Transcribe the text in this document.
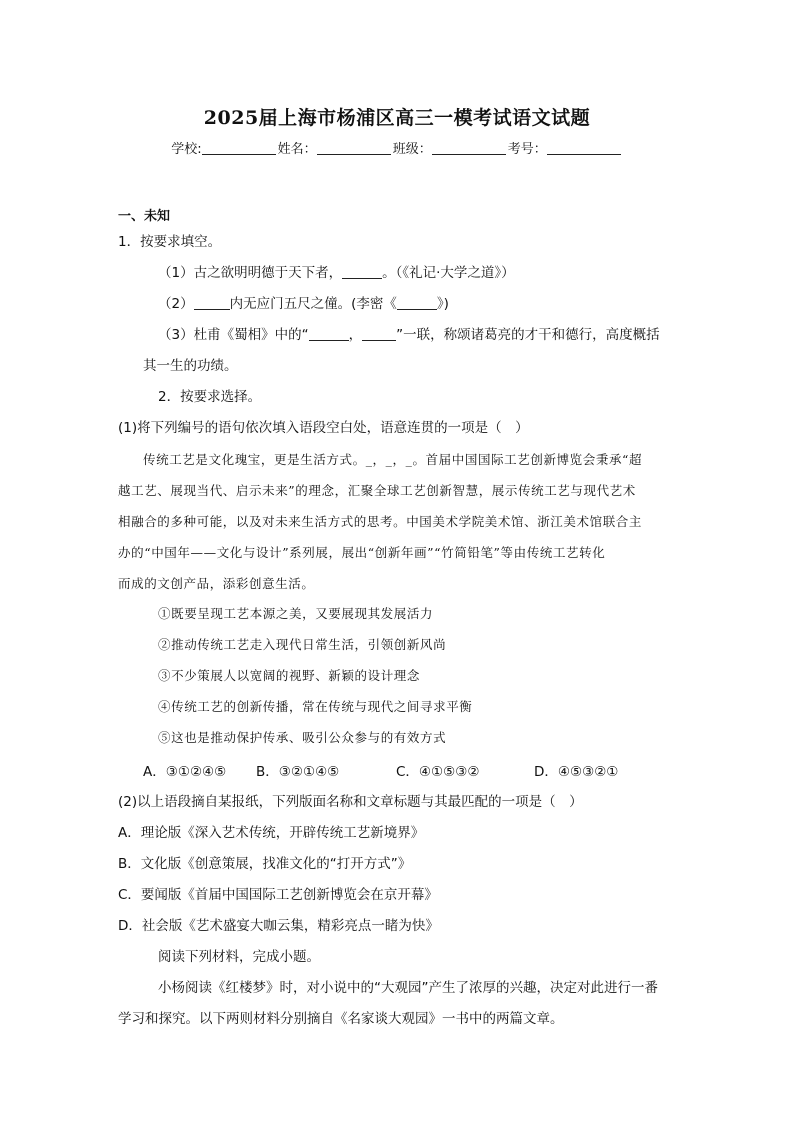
2025届上海市杨浦区高三一模考试语文试题
学校:	姓名：	班级：	考号：
一、未知
1．按要求填空。
（1）古之欲明明德于天下者，	。（《礼记·大学之道》）
（2）	内无应门五尺之僮。(李密《	》)
（3）杜甫《蜀相》中的“	，	”一联，称颂诸葛亮的才干和德行，高度概括
其一生的功绩。
2．按要求选择。
(1)将下列编号的语句依次填入语段空白处，语意连贯的一项是（　）
传统工艺是文化瑰宝，更是生活方式。_，_，_。首届中国国际工艺创新博览会秉承“超
越工艺、展现当代、启示未来”的理念，汇聚全球工艺创新智慧，展示传统工艺与现代艺术
相融合的多种可能，以及对未来生活方式的思考。中国美术学院美术馆、浙江美术馆联合主
办的“中国年——文化与设计”系列展，展出“创新年画”“竹简铅笔”等由传统工艺转化
而成的文创产品，添彩创意生活。
①既要呈现工艺本源之美，又要展现其发展活力
②推动传统工艺走入现代日常生活，引领创新风尚
③不少策展人以宽阔的视野、新颖的设计理念
④传统工艺的创新传播，常在传统与现代之间寻求平衡
⑤这也是推动保护传承、吸引公众参与的有效方式
A．③①②④⑤ B．③②①④⑤	C．④①⑤③②	D．④⑤③②①
(2)以上语段摘自某报纸，下列版面名称和文章标题与其最匹配的一项是（　）
A．理论版《深入艺术传统，开辟传统工艺新境界》
B．文化版《创意策展，找准文化的“打开方式”》
C．要闻版《首届中国国际工艺创新博览会在京开幕》
D．社会版《艺术盛宴大咖云集，精彩亮点一睹为快》
阅读下列材料，完成小题。
小杨阅读《红楼梦》时，对小说中的“大观园”产生了浓厚的兴趣，决定对此进行一番
学习和探究。以下两则材料分别摘自《名家谈大观园》一书中的两篇文章。
